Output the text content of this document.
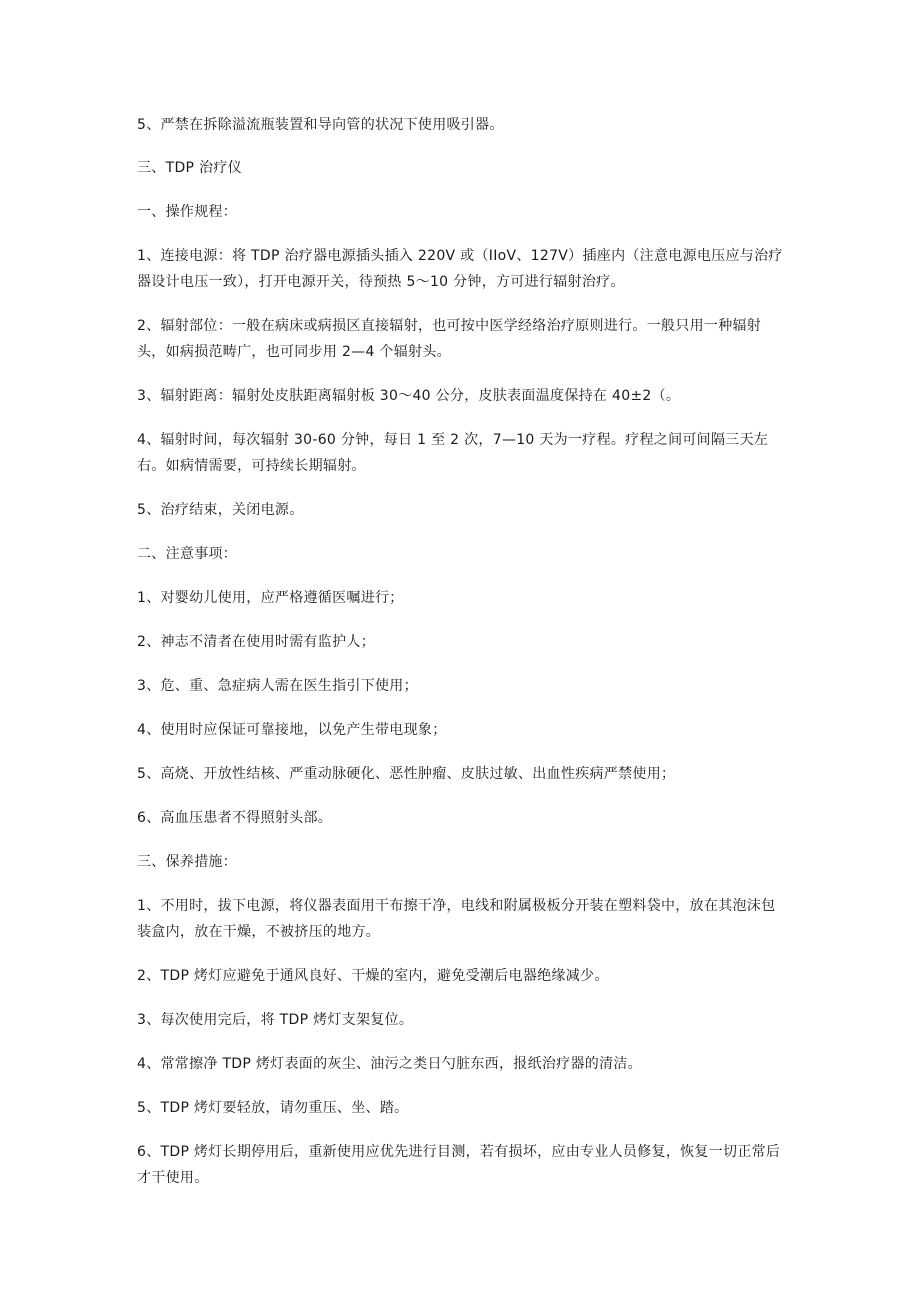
5、严禁在拆除溢流瓶装置和导向管的状况下使用吸引器。

三、TDP 治疗仪

一、操作规程：

1、连接电源：将 TDP 治疗器电源插头插入 220V 或（IIoV、127V）插座内（注意电源电压应与治疗器设计电压一致），打开电源开关，待预热 5～10 分钟，方可进行辐射治疗。

2、辐射部位：一般在病床或病损区直接辐射，也可按中医学经络治疗原则进行。一般只用一种辐射头，如病损范畴广，也可同步用 2—4 个辐射头。

3、辐射距离：辐射处皮肤距离辐射板 30～40 公分，皮肤表面温度保持在 40±2（。

4、辐射时间，每次辐射 30-60 分钟，每日 1 至 2 次，7—10 天为一疗程。疗程之间可间隔三天左右。如病情需要，可持续长期辐射。

5、治疗结束，关闭电源。

二、注意事项：

1、对婴幼儿使用，应严格遵循医嘱进行；

2、神志不清者在使用时需有监护人；

3、危、重、急症病人需在医生指引下使用；

4、使用时应保证可靠接地，以免产生带电现象；

5、高烧、开放性结核、严重动脉硬化、恶性肿瘤、皮肤过敏、出血性疾病严禁使用；

6、高血压患者不得照射头部。

三、保养措施：

1、不用时，拔下电源，将仪器表面用干布擦干净，电线和附属极板分开装在塑料袋中，放在其泡沫包装盒内，放在干燥，不被挤压的地方。

2、TDP 烤灯应避免于通风良好、干燥的室内，避免受潮后电器绝缘减少。

3、每次使用完后，将 TDP 烤灯支架复位。

4、常常擦净 TDP 烤灯表面的灰尘、油污之类日勺脏东西，报纸治疗器的清洁。

5、TDP 烤灯要轻放，请勿重压、坐、踏。

6、TDP 烤灯长期停用后，重新使用应优先进行目测，若有损坏，应由专业人员修复，恢复一切正常后才干使用。
